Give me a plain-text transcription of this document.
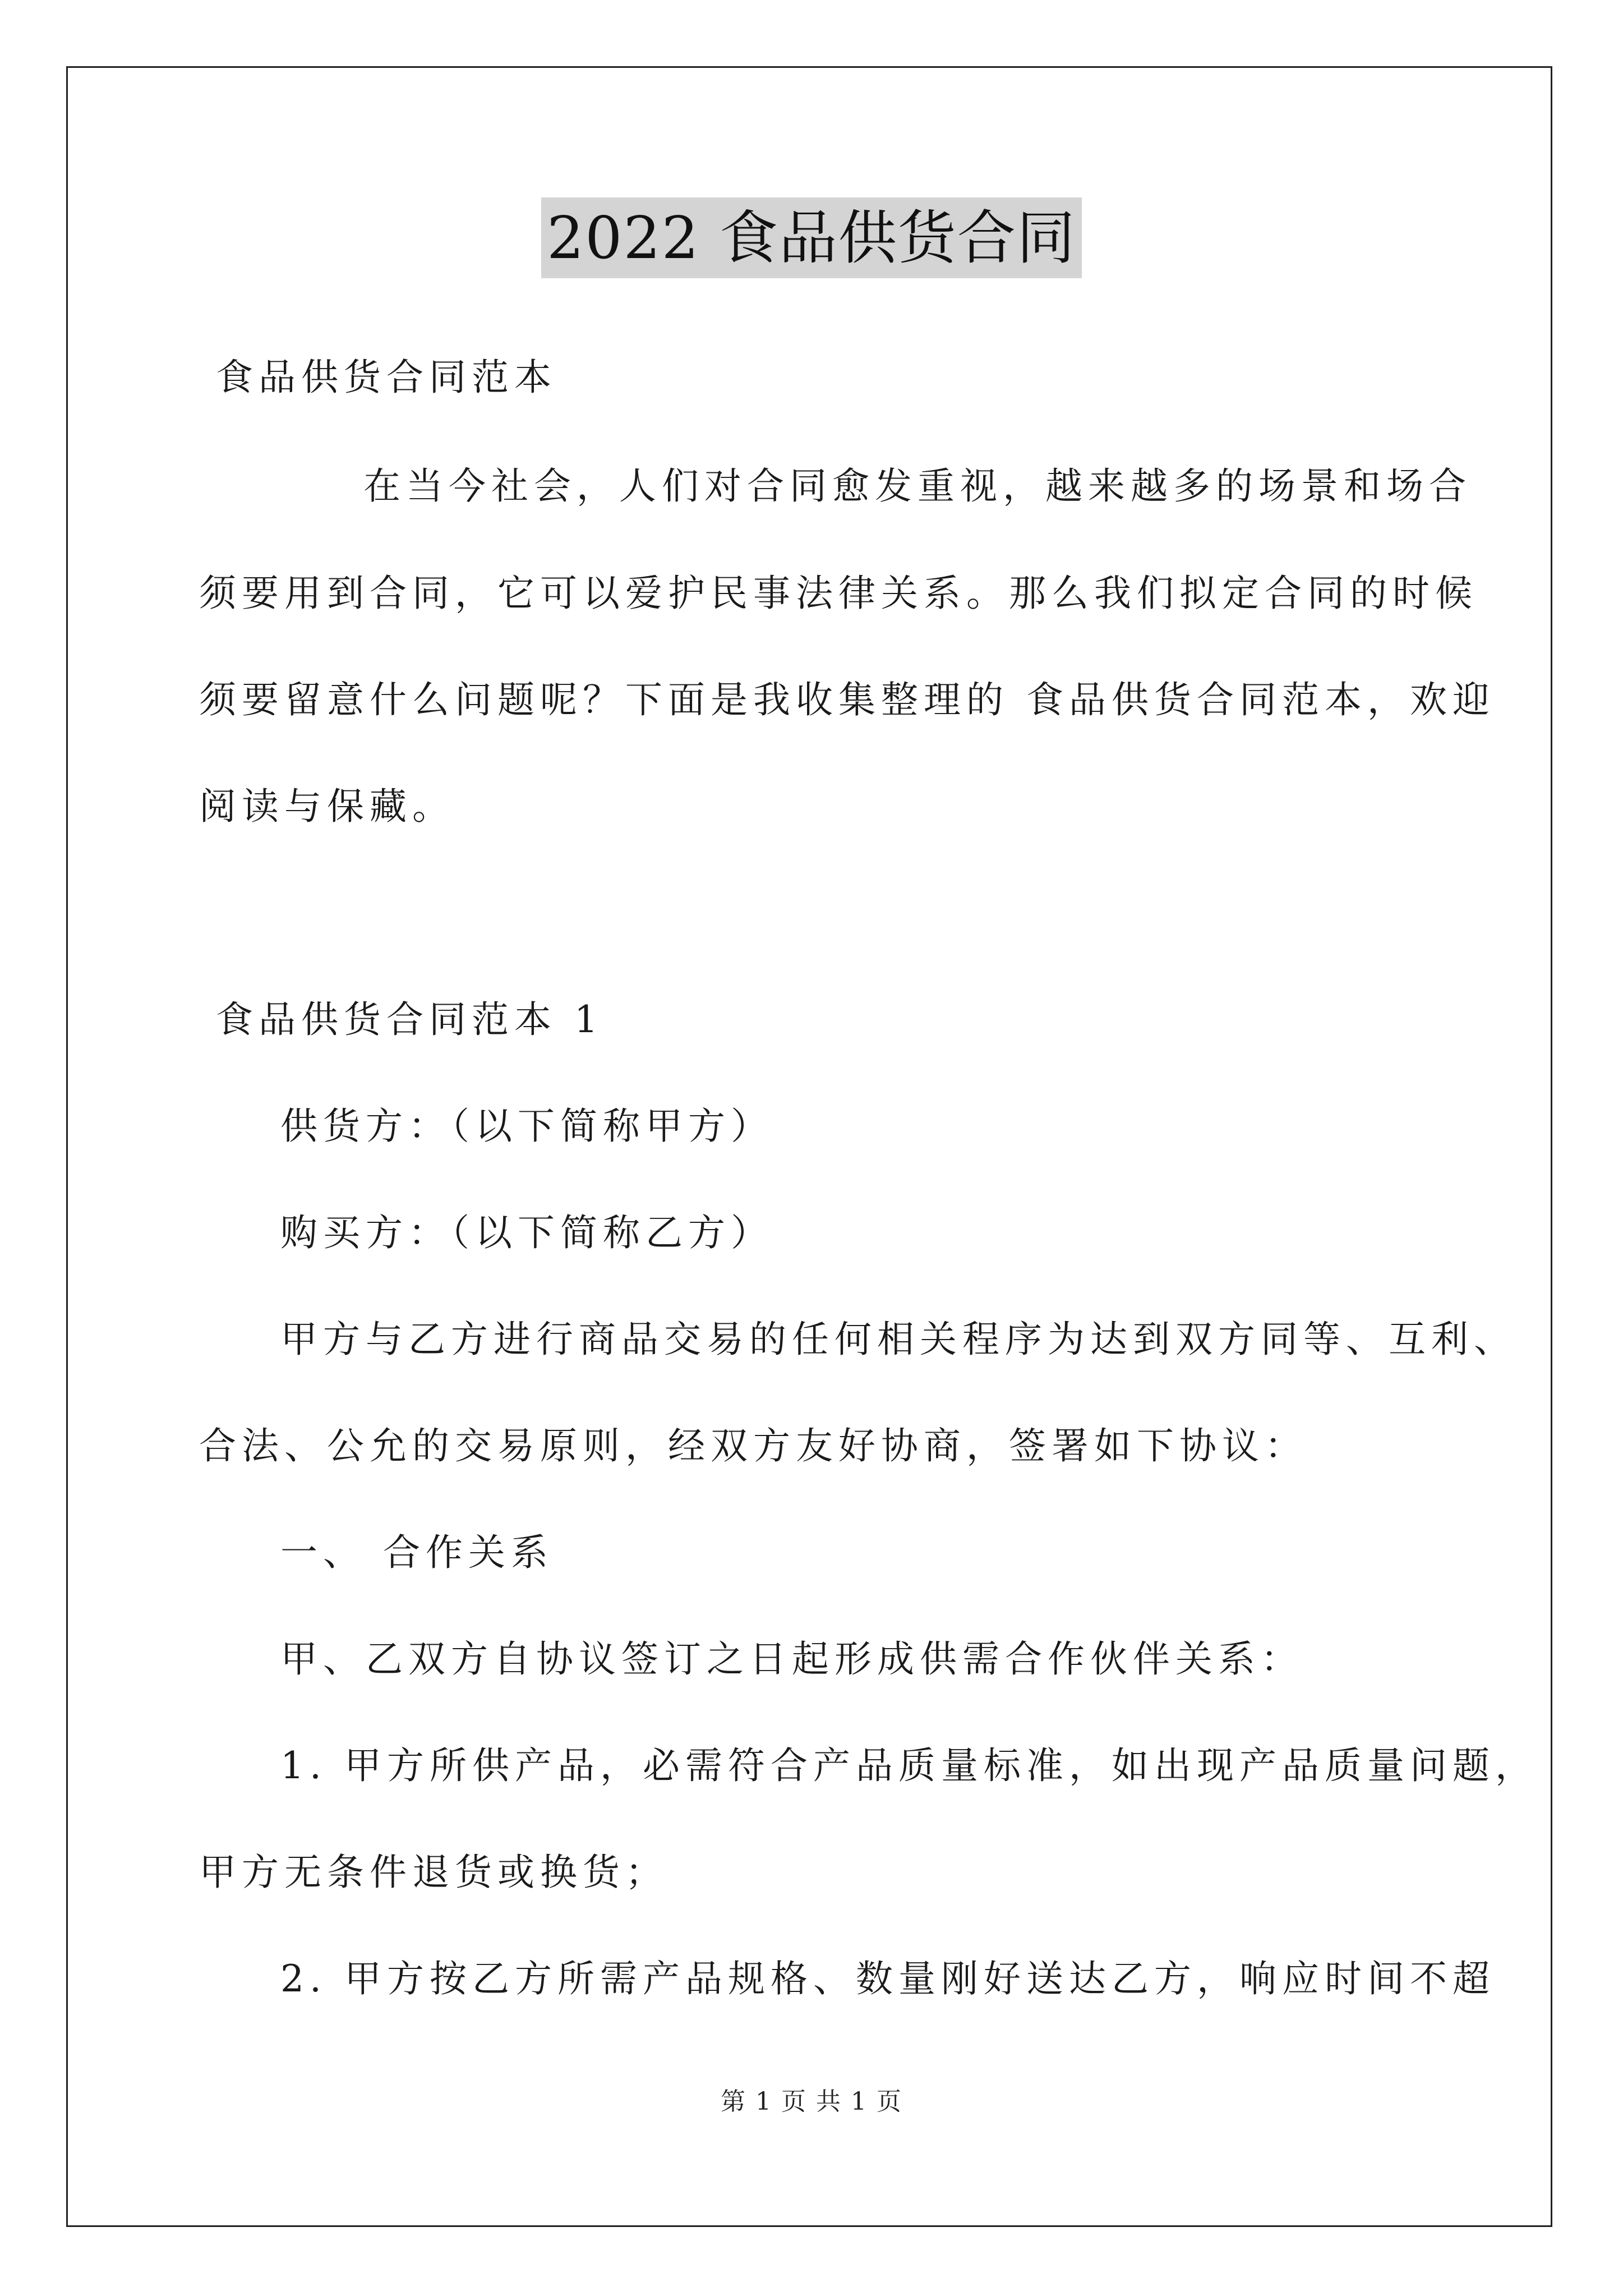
2022 食品供货合同
食品供货合同范本
在当今社会，人们对合同愈发重视，越来越多的场景和场合
须要用到合同，它可以爱护民事法律关系。那么我们拟定合同的时候
须要留意什么问题呢？下面是我收集整理的 食品供货合同范本，欢迎
阅读与保藏。
食品供货合同范本 1
供货方：（以下简称甲方）
购买方：（以下简称乙方）
甲方与乙方进行商品交易的任何相关程序为达到双方同等、互利、
合法、公允的交易原则，经双方友好协商，签署如下协议：
一、 合作关系
甲、乙双方自协议签订之日起形成供需合作伙伴关系：
1. 甲方所供产品，必需符合产品质量标准，如出现产品质量问题，
甲方无条件退货或换货；
2. 甲方按乙方所需产品规格、数量刚好送达乙方，响应时间不超
第 1 页 共 1 页
